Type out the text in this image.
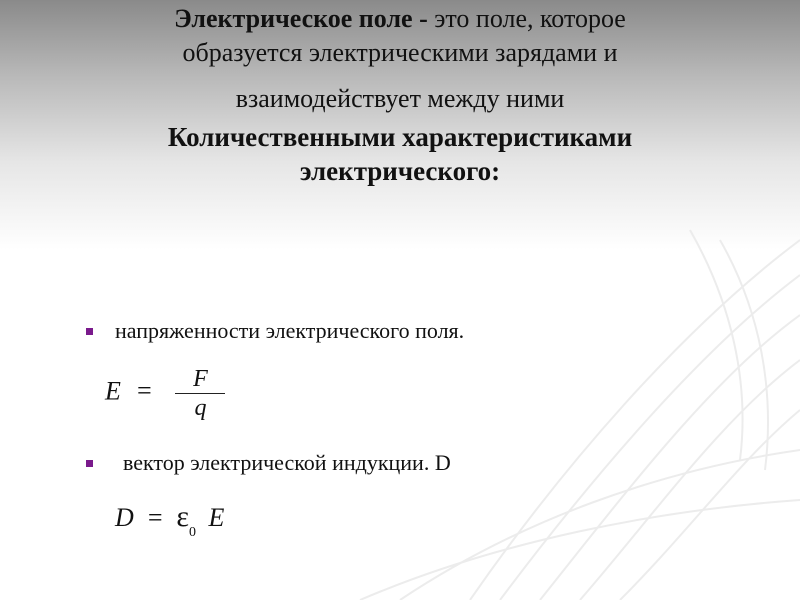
Электрическое поле - это поле, которое
образуется электрическими зарядами и
взаимодействует между ними
Количественными характеристиками
электрического:
напряженности электрического поля.
$E = \frac{F}{q}$
вектор электрической индукции. D
$D = \varepsilon_0$ E
